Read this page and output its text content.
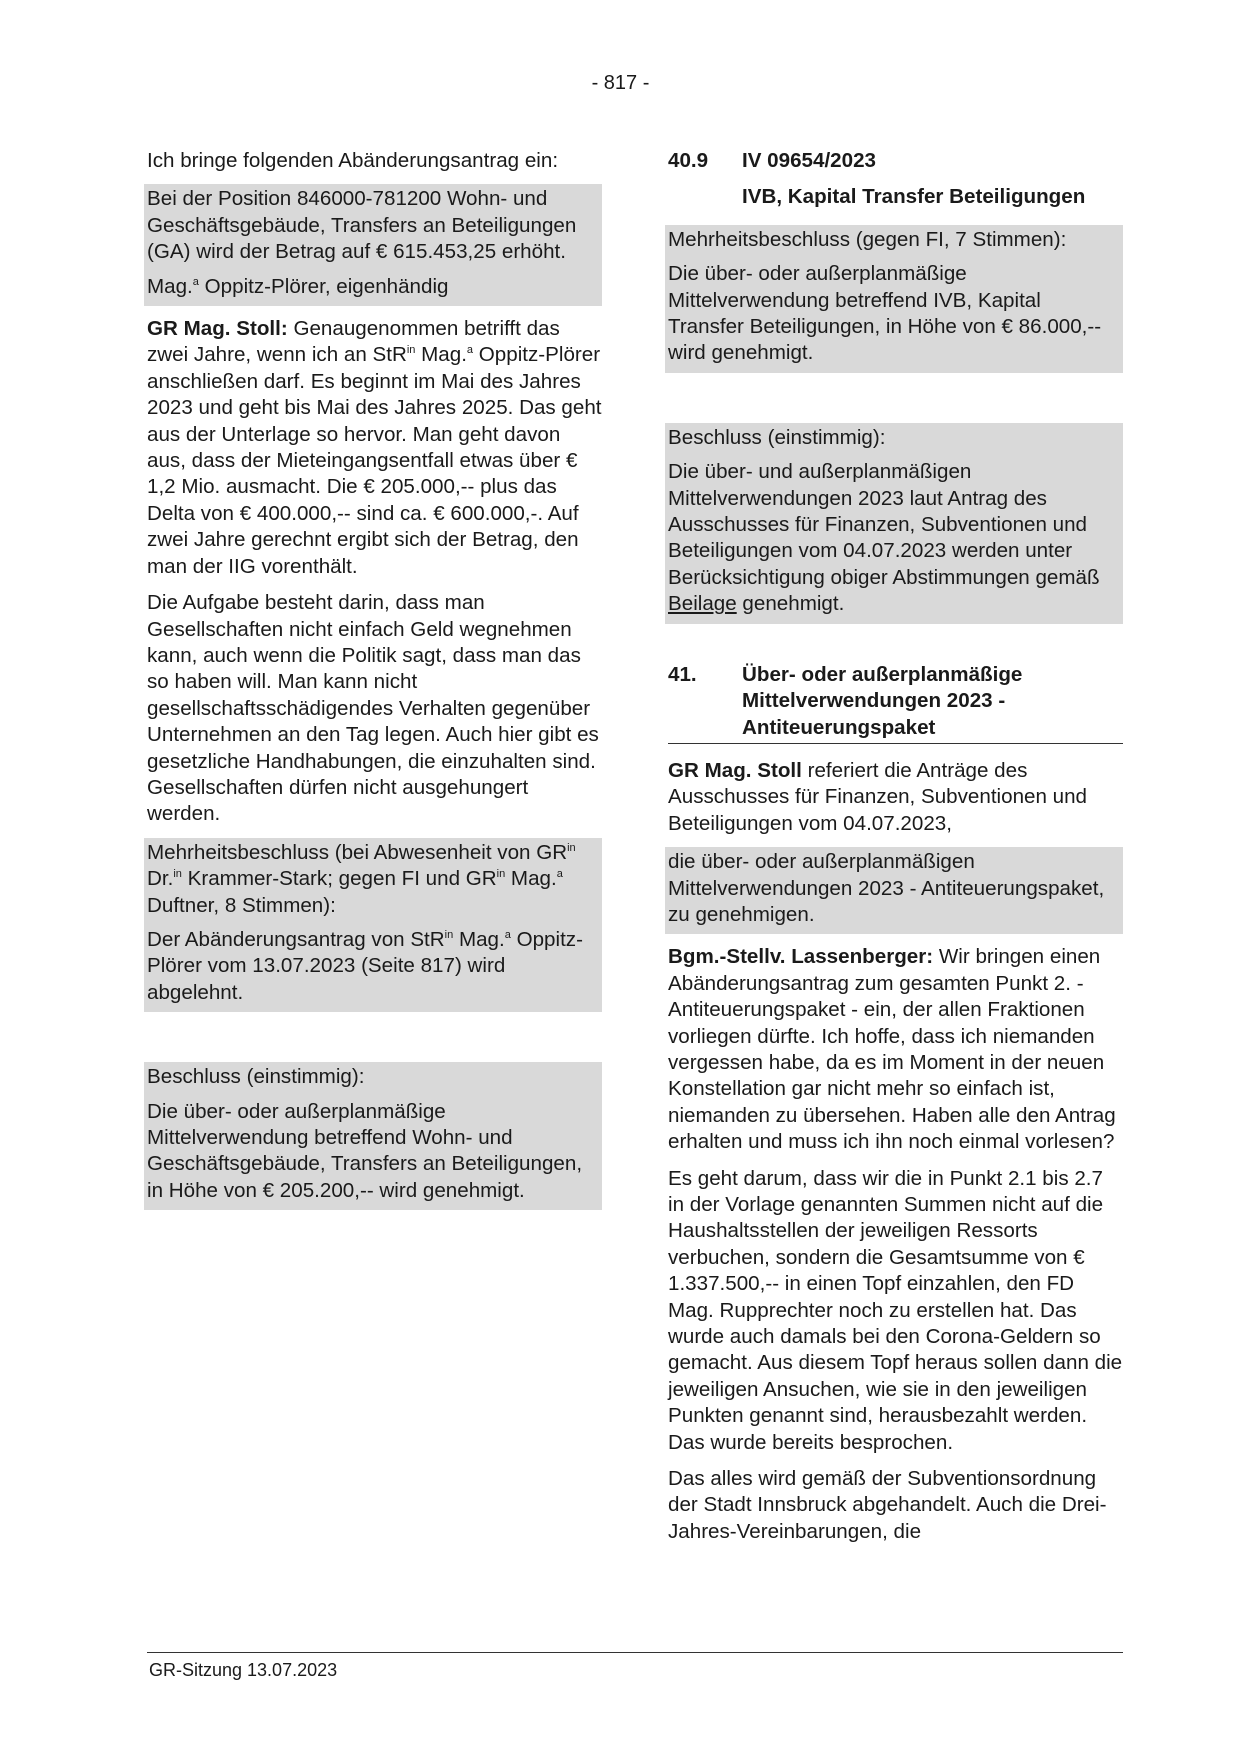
- 817 -

Ich bringe folgenden Abänderungsantrag ein:

Bei der Position 846000-781200 Wohn- und Geschäftsgebäude, Transfers an Beteiligungen (GA) wird der Betrag auf € 615.453,25 erhöht.

Mag.$^a$ Oppitz-Plörer, eigenhändig

GR Mag. Stoll: Genaugenommen betrifft das zwei Jahre, wenn ich an StR$^{in}$ Mag.$^a$ Oppitz-Plörer anschließen darf. Es beginnt im Mai des Jahres 2023 und geht bis Mai des Jahres 2025. Das geht aus der Unterlage so hervor. Man geht davon aus, dass der Mieteingangsentfall etwas über € 1,2 Mio. ausmacht. Die € 205.000,-- plus das Delta von € 400.000,-- sind ca. € 600.000,-. Auf zwei Jahre gerechnt ergibt sich der Betrag, den man der IIG vorenthält.

Die Aufgabe besteht darin, dass man Gesellschaften nicht einfach Geld wegnehmen kann, auch wenn die Politik sagt, dass man das so haben will. Man kann nicht gesellschaftsschädigendes Verhalten gegenüber Unternehmen an den Tag legen. Auch hier gibt es gesetzliche Handhabungen, die einzuhalten sind. Gesellschaften dürfen nicht ausgehungert werden.

Mehrheitsbeschluss (bei Abwesenheit von $GR^{in}$ Dr.$^{in}$ Krammer-Stark; gegen FI und $GR^{in}$ Mag.$^a$ Duftner, 8 Stimmen):

Der Abänderungsantrag von StR$^{in}$ Mag.$^a$ Oppitz-Plörer vom 13.07.2023 (Seite 817) wird abgelehnt.

Beschluss (einstimmig):

Die über- oder außerplanmäßige Mittelverwendung betreffend Wohn- und Geschäftsgebäude, Transfers an Beteiligungen, in Höhe von € 205.200,-- wird genehmigt.

40.9	IV 09654/2023
IVB, Kapital Transfer Beteiligungen

Mehrheitsbeschluss (gegen FI, 7 Stimmen):

Die über- oder außerplanmäßige Mittelverwendung betreffend IVB, Kapital Transfer Beteiligungen, in Höhe von € 86.000,-- wird genehmigt.

Beschluss (einstimmig):

Die über- und außerplanmäßigen Mittelverwendungen 2023 laut Antrag des Ausschusses für Finanzen, Subventionen und Beteiligungen vom 04.07.2023 werden unter Berücksichtigung obiger Abstimmungen gemäß Beilage genehmigt.

41.	Über- oder außerplanmäßige Mittelverwendungen 2023 - Antiteuerungspaket

GR Mag. Stoll referiert die Anträge des Ausschusses für Finanzen, Subventionen und Beteiligungen vom 04.07.2023,

die über- oder außerplanmäßigen Mittelverwendungen 2023 - Antiteuerungspaket, zu genehmigen.

Bgm.-Stellv. Lassenberger: Wir bringen einen Abänderungsantrag zum gesamten Punkt 2. - Antiteuerungspaket - ein, der allen Fraktionen vorliegen dürfte. Ich hoffe, dass ich niemanden vergessen habe, da es im Moment in der neuen Konstellation gar nicht mehr so einfach ist, niemanden zu übersehen. Haben alle den Antrag erhalten und muss ich ihn noch einmal vorlesen?

Es geht darum, dass wir die in Punkt 2.1 bis 2.7 in der Vorlage genannten Summen nicht auf die Haushaltsstellen der jeweiligen Ressorts verbuchen, sondern die Gesamtsumme von € 1.337.500,-- in einen Topf einzahlen, den FD Mag. Rupprechter noch zu erstellen hat. Das wurde auch damals bei den Corona-Geldern so gemacht. Aus diesem Topf heraus sollen dann die jeweiligen Ansuchen, wie sie in den jeweiligen Punkten genannt sind, herausbezahlt werden. Das wurde bereits besprochen.

Das alles wird gemäß der Subventionsordnung der Stadt Innsbruck abgehandelt. Auch die Drei-Jahres-Vereinbarungen, die

GR-Sitzung 13.07.2023
